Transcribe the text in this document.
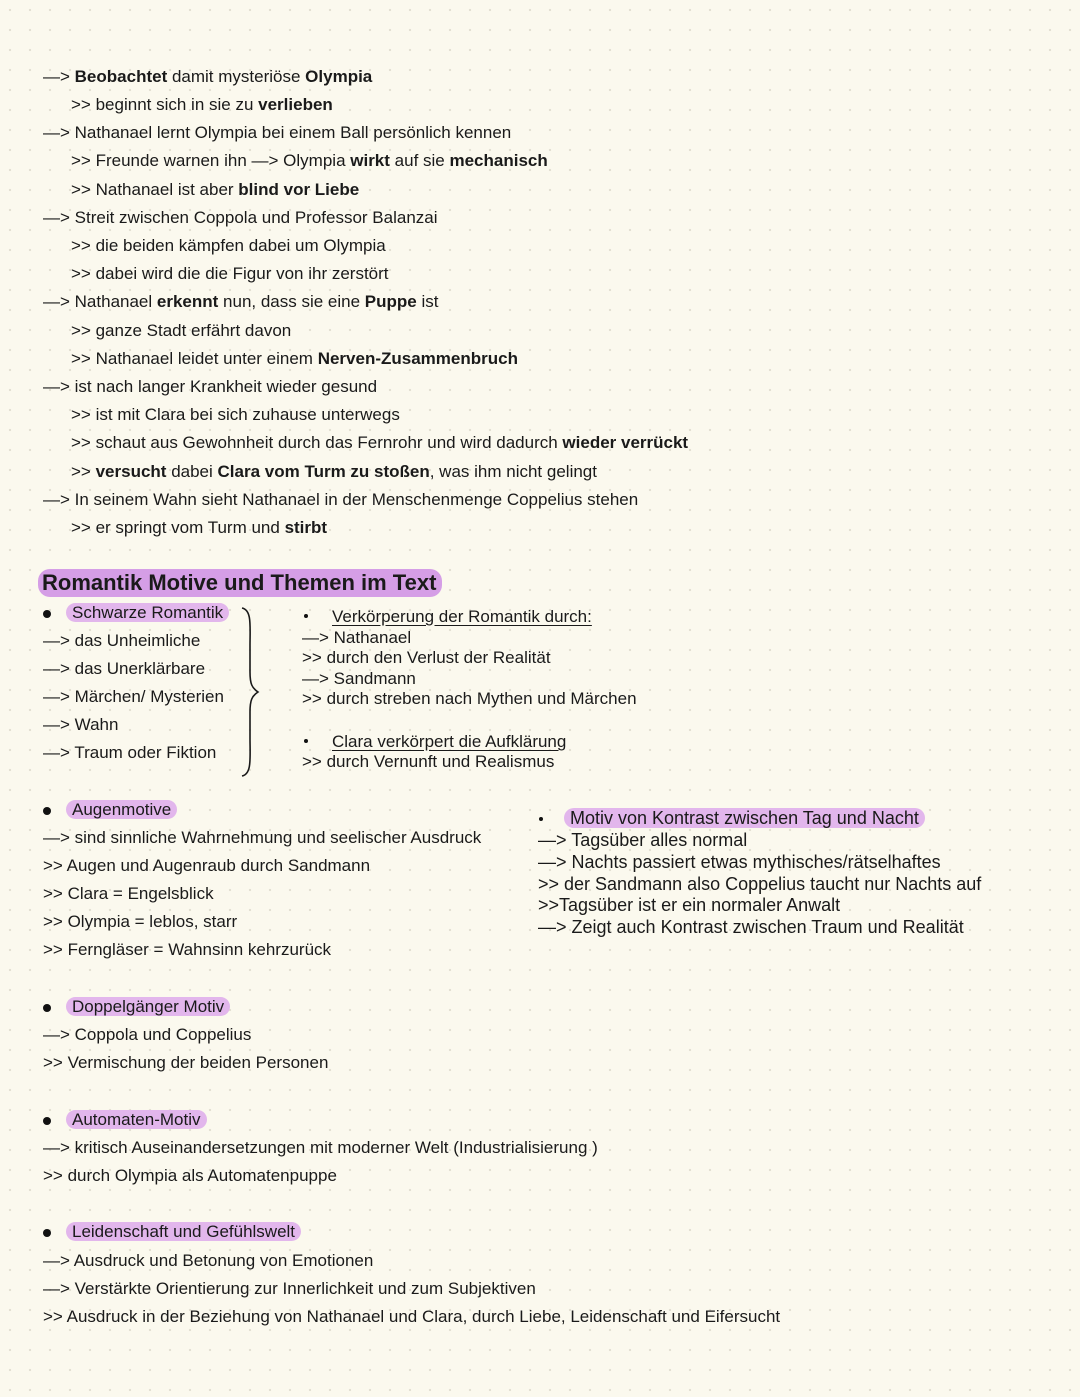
—> Beobachtet damit mysteriöse Olympia
>> beginnt sich in sie zu verlieben
—> Nathanael lernt Olympia bei einem Ball persönlich kennen
>> Freunde warnen ihn —> Olympia wirkt auf sie mechanisch
>> Nathanael ist aber blind vor Liebe
—> Streit zwischen Coppola und Professor Balanzai
>> die beiden kämpfen dabei um Olympia
>> dabei wird die die Figur von ihr zerstört
—> Nathanael erkennt nun, dass sie eine Puppe ist
>> ganze Stadt erfährt davon
>> Nathanael leidet unter einem Nerven-Zusammenbruch
—> ist nach langer Krankheit wieder gesund
>> ist mit Clara bei sich zuhause unterwegs
>> schaut aus Gewohnheit durch das Fernrohr und wird dadurch wieder verrückt
>> versucht dabei Clara vom Turm zu stoßen, was ihm nicht gelingt
—> In seinem Wahn sieht Nathanael in der Menschenmenge Coppelius stehen
>> er springt vom Turm und stirbt
Romantik Motive und Themen im Text
Schwarze Romantik
—> das Unheimliche
—> das Unerklärbare
—> Märchen/ Mysterien
—> Wahn
—> Traum oder Fiktion
Verkörperung der Romantik durch:
—> Nathanael
>> durch den Verlust der Realität
—> Sandmann
>> durch streben nach Mythen und Märchen
Clara verkörpert die Aufklärung
>> durch Vernunft und Realismus
Augenmotive
—> sind sinnliche Wahrnehmung und seelischer Ausdruck
>> Augen und Augenraub durch Sandmann
>> Clara = Engelsblick
>> Olympia = leblos, starr
>> Ferngläser = Wahnsinn kehrzurück
Motiv von Kontrast zwischen Tag und Nacht
—> Tagsüber alles normal
—> Nachts passiert etwas mythisches/rätselhaftes
>> der Sandmann also Coppelius taucht nur Nachts auf
>>Tagsüber ist er ein normaler Anwalt
—> Zeigt auch Kontrast zwischen Traum und Realität
Doppelgänger Motiv
—> Coppola und Coppelius
>> Vermischung der beiden Personen
Automaten-Motiv
—> kritisch Auseinandersetzungen mit moderner Welt (Industrialisierung )
>> durch Olympia als Automatenpuppe
Leidenschaft und Gefühlswelt
—> Ausdruck und Betonung von Emotionen
—> Verstärkte Orientierung zur Innerlichkeit und zum Subjektiven
>> Ausdruck in der Beziehung von Nathanael und Clara, durch Liebe, Leidenschaft und Eifersucht
